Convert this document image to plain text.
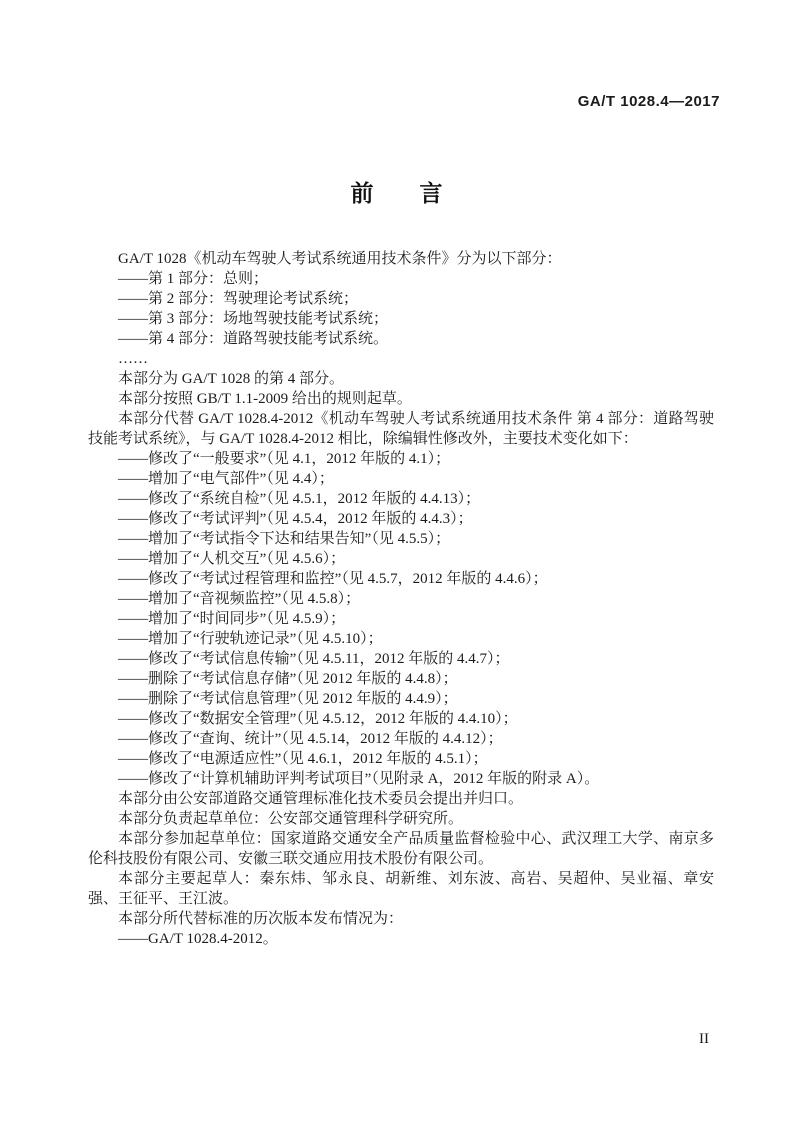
GA/T 1028.4—2017
前　　言

GA/T 1028《机动车驾驶人考试系统通用技术条件》分为以下部分：

——第 1 部分：总则；

——第 2 部分：驾驶理论考试系统；

——第 3 部分：场地驾驶技能考试系统；

——第 4 部分：道路驾驶技能考试系统。

……

本部分为 GA/T 1028 的第 4 部分。

本部分按照 GB/T 1.1-2009 给出的规则起草。

本部分代替 GA/T 1028.4-2012《机动车驾驶人考试系统通用技术条件 第 4 部分：道路驾驶技能考试系统》，与 GA/T 1028.4-2012 相比，除编辑性修改外，主要技术变化如下：

——修改了“一般要求”（见 4.1，2012 年版的 4.1）；

——增加了“电气部件”（见 4.4）；

——修改了“系统自检”（见 4.5.1，2012 年版的 4.4.13）；

——修改了“考试评判”（见 4.5.4，2012 年版的 4.4.3）；

——增加了“考试指令下达和结果告知”（见 4.5.5）；

——增加了“人机交互”（见 4.5.6）；

——修改了“考试过程管理和监控”（见 4.5.7，2012 年版的 4.4.6）；

——增加了“音视频监控”（见 4.5.8）；

——增加了“时间同步”（见 4.5.9）；

——增加了“行驶轨迹记录”（见 4.5.10）；

——修改了“考试信息传输”（见 4.5.11，2012 年版的 4.4.7）；

——删除了“考试信息存储”（见 2012 年版的 4.4.8）；

——删除了“考试信息管理”（见 2012 年版的 4.4.9）；

——修改了“数据安全管理”（见 4.5.12，2012 年版的 4.4.10）；

——修改了“查询、统计”（见 4.5.14，2012 年版的 4.4.12）；

——修改了“电源适应性”（见 4.6.1，2012 年版的 4.5.1）；

——修改了“计算机辅助评判考试项目”（见附录 A，2012 年版的附录 A）。

本部分由公安部道路交通管理标准化技术委员会提出并归口。

本部分负责起草单位：公安部交通管理科学研究所。

本部分参加起草单位：国家道路交通安全产品质量监督检验中心、武汉理工大学、南京多伦科技股份有限公司、安徽三联交通应用技术股份有限公司。

本部分主要起草人：秦东炜、邹永良、胡新维、刘东波、高岩、吴超仲、吴业福、章安强、王征平、王江波。

本部分所代替标准的历次版本发布情况为：

——GA/T 1028.4-2012。

II
